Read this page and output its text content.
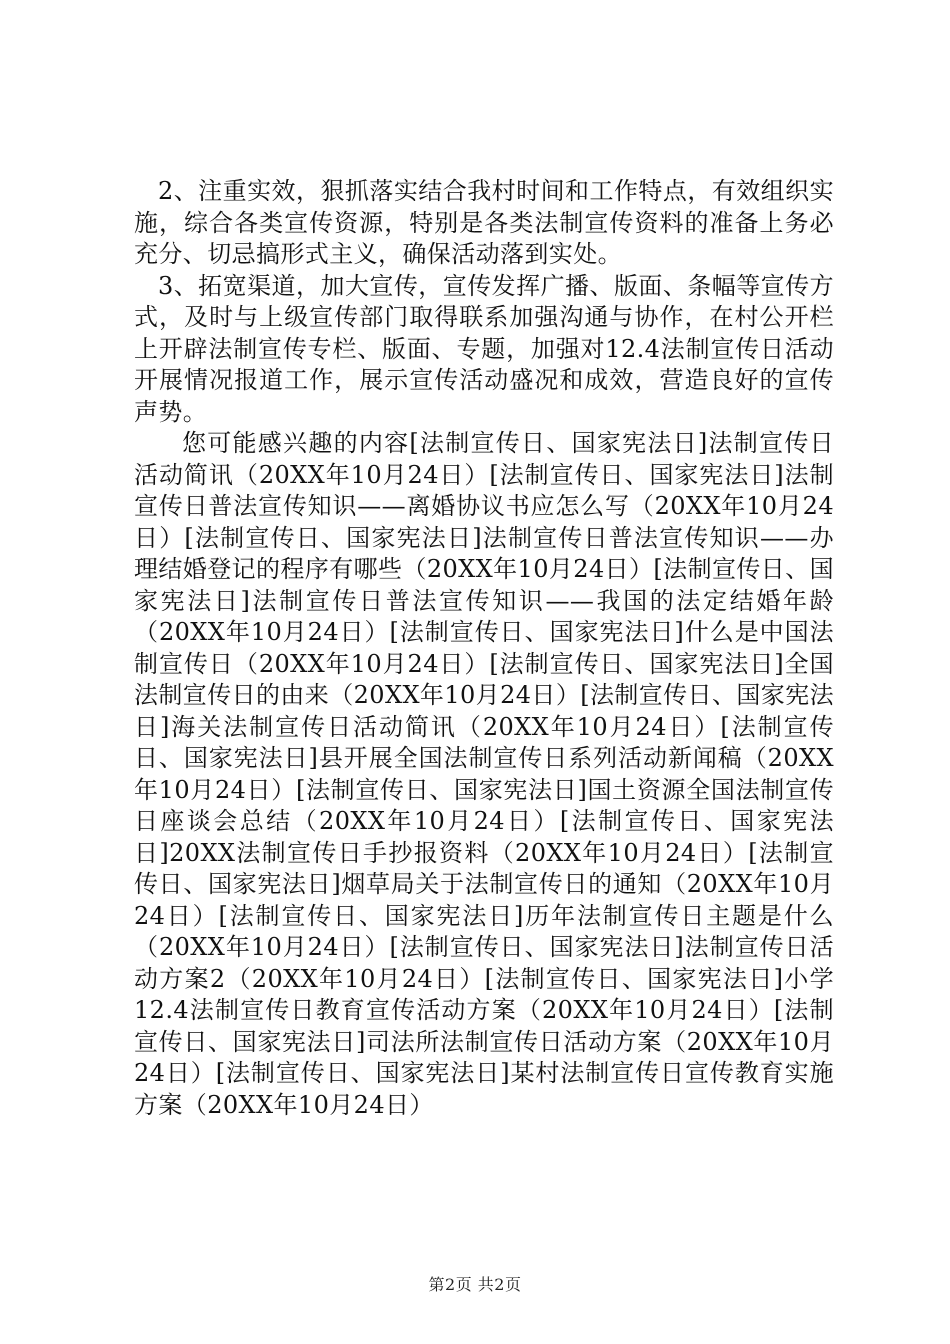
2、注重实效，狠抓落实结合我村时间和工作特点，有效组织实施，综合各类宣传资源，特别是各类法制宣传资料的准备上务必充分、切忌搞形式主义，确保活动落到实处。

3、拓宽渠道，加大宣传，宣传发挥广播、版面、条幅等宣传方式，及时与上级宣传部门取得联系加强沟通与协作，在村公开栏上开辟法制宣传专栏、版面、专题，加强对12.4法制宣传日活动开展情况报道工作，展示宣传活动盛况和成效，营造良好的宣传声势。

您可能感兴趣的内容[法制宣传日、国家宪法日]法制宣传日活动简讯（20XX年10月24日）[法制宣传日、国家宪法日]法制宣传日普法宣传知识——离婚协议书应怎么写（20XX年10月24日）[法制宣传日、国家宪法日]法制宣传日普法宣传知识——办理结婚登记的程序有哪些（20XX年10月24日）[法制宣传日、国家宪法日]法制宣传日普法宣传知识——我国的法定结婚年龄（20XX年10月24日）[法制宣传日、国家宪法日]什么是中国法制宣传日（20XX年10月24日）[法制宣传日、国家宪法日]全国法制宣传日的由来（20XX年10月24日）[法制宣传日、国家宪法日]海关法制宣传日活动简讯（20XX年10月24日）[法制宣传日、国家宪法日]县开展全国法制宣传日系列活动新闻稿（20XX年10月24日）[法制宣传日、国家宪法日]国土资源全国法制宣传日座谈会总结（20XX年10月24日）[法制宣传日、国家宪法日]20XX法制宣传日手抄报资料（20XX年10月24日）[法制宣传日、国家宪法日]烟草局关于法制宣传日的通知（20XX年10月24日）[法制宣传日、国家宪法日]历年法制宣传日主题是什么（20XX年10月24日）[法制宣传日、国家宪法日]法制宣传日活动方案2（20XX年10月24日）[法制宣传日、国家宪法日]小学12.4法制宣传日教育宣传活动方案（20XX年10月24日）[法制宣传日、国家宪法日]司法所法制宣传日活动方案（20XX年10月24日）[法制宣传日、国家宪法日]某村法制宣传日宣传教育实施方案（20XX年10月24日）

第2页 共2页
